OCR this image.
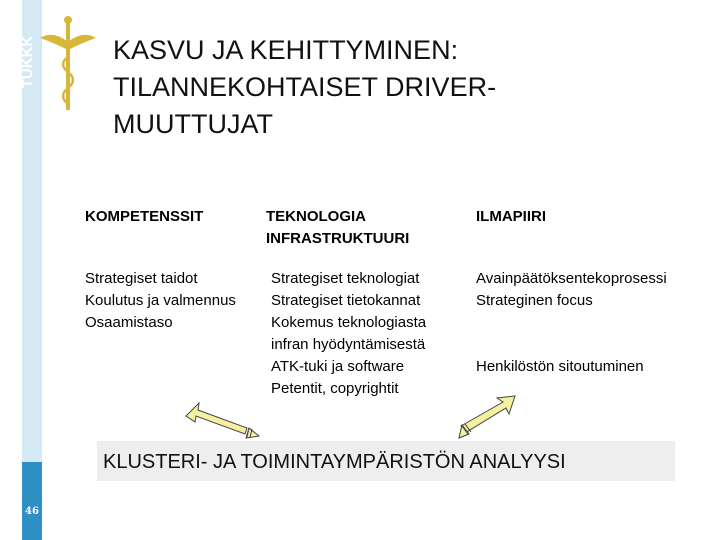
46
TUKKK	KASVU JA KEHITTYMINEN:
TILANNEKOHTAISET DRIVER-
MUUTTUJAT
KOMPETENSSIT	TEKNOLOGIA
INFRASTRUKTUURI
ILMAPIIRI
Strategiset taidot
Koulutus ja valmennus
Osaamistaso
Strategiset teknologiat
Strategiset tietokannat
Kokemus teknologiasta
infran hyödyntämisestä
ATK-tuki ja software
Petentit, copyrightit
Avainpäätöksentekoprosessi
Strateginen focus

Henkilöstön sitoutuminen
KLUSTERI- JA TOIMINTAYMPÄRISTÖN ANALYYSI
